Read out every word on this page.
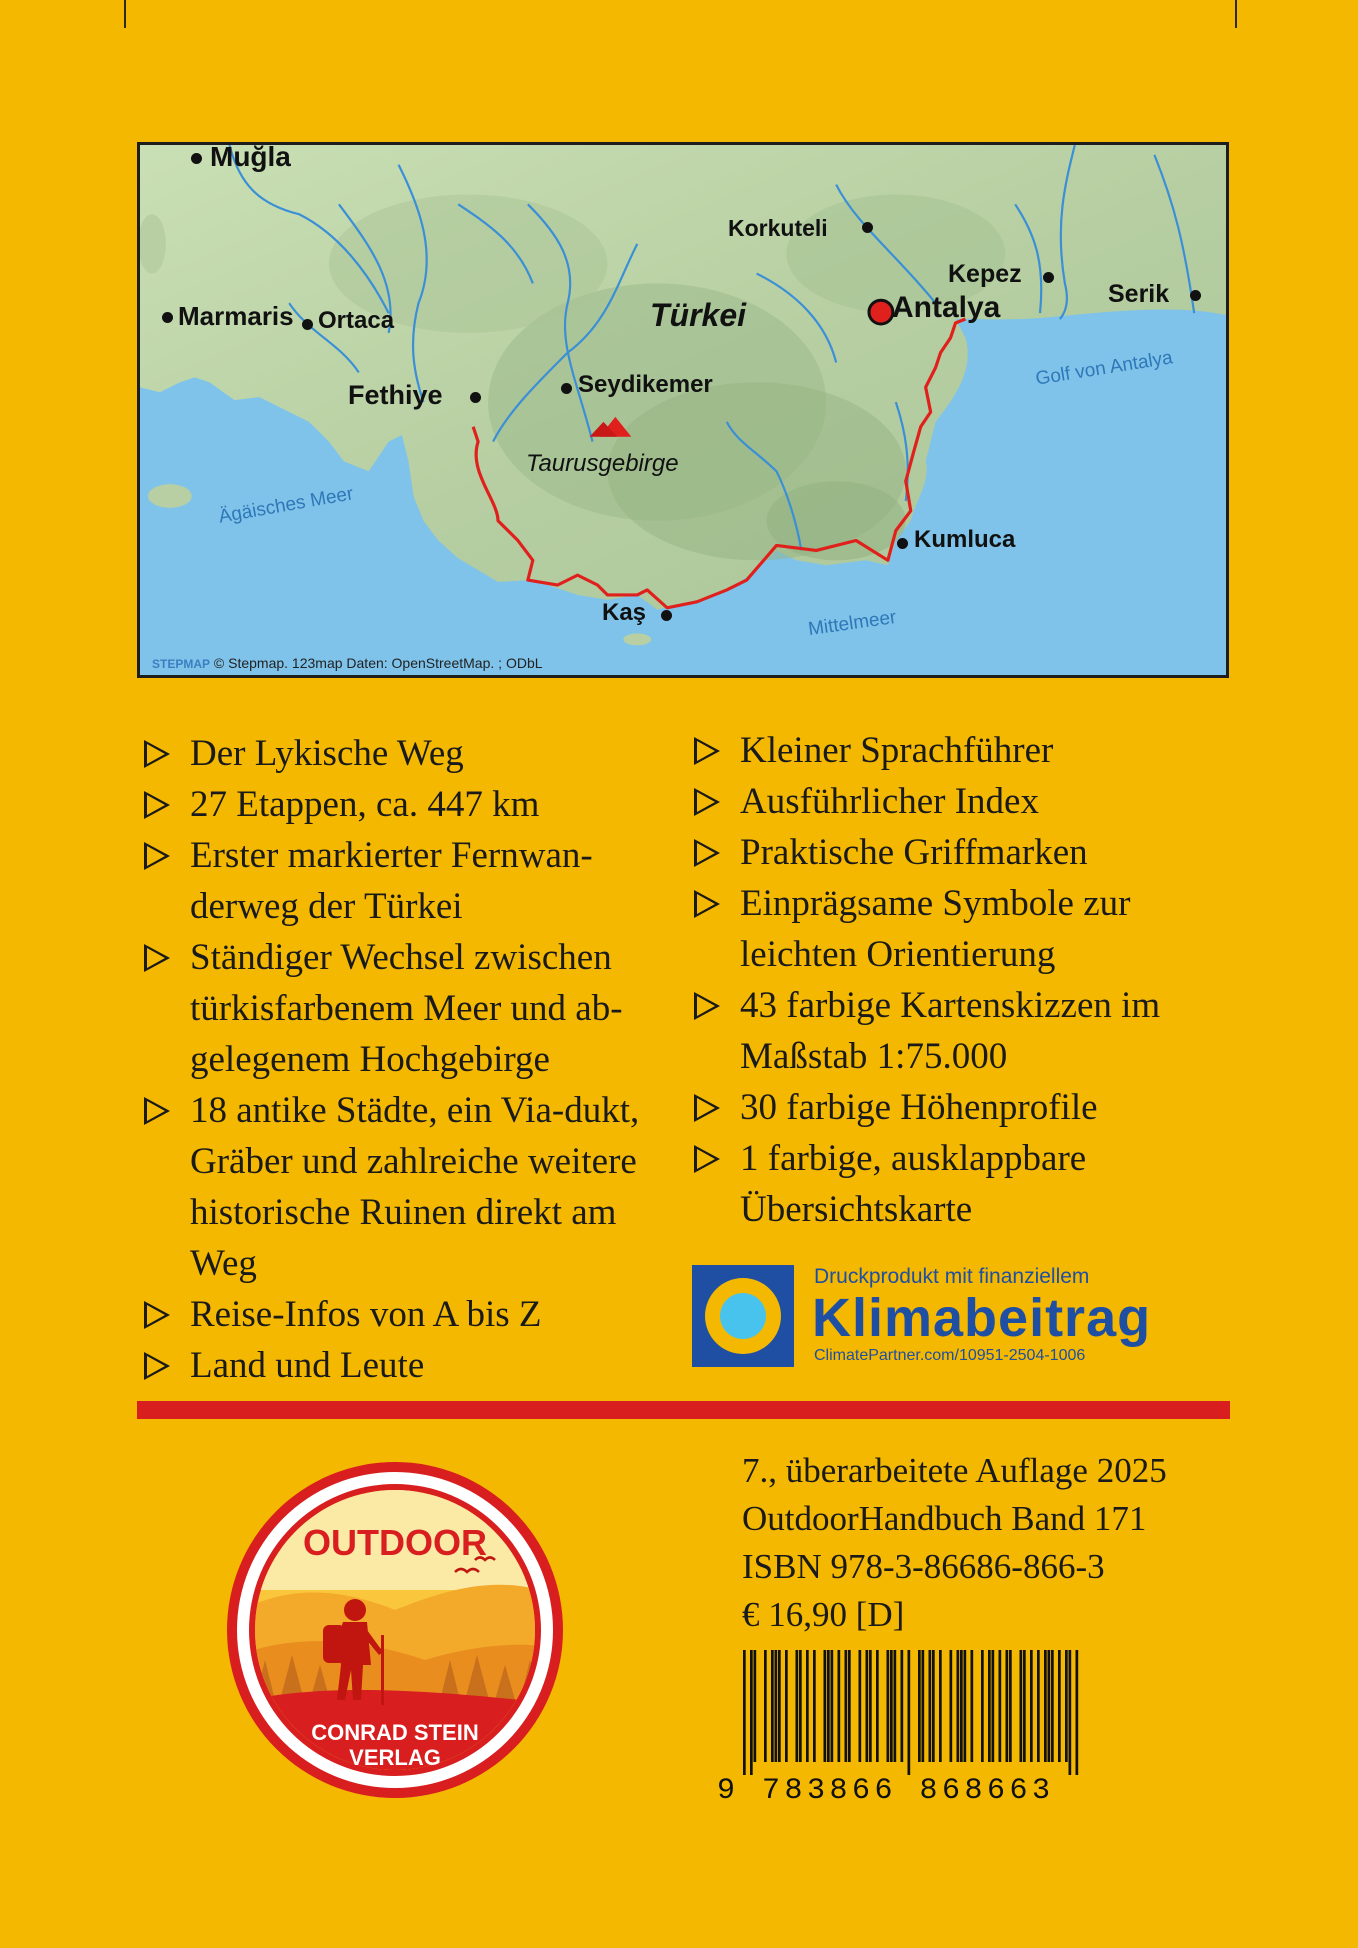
Muğla
Marmaris Ortaca
Fethiye	Seydikemer
Korkuteli
Türkei
Kepez
Antalya	Serik
Taurusgebirge
Kumluca
Kaş
Ägäisches Meer
Mittelmeer
Golf von Antalya
STEPMAP © Stepmap. 123map Daten: OpenStreetMap. ; ODbL
Der Lykische Weg
27 Etappen, ca. 447 km
Erster markierter Fernwan-derweg der Türkei
Ständiger Wechsel zwischen türkisfarbenem Meer und ab-gelegenem Hochgebirge
18 antike Städte, ein Via-dukt, Gräber und zahlreiche weitere historische Ruinen direkt am Weg
Reise-Infos von A bis Z
Land und Leute
Kleiner Sprachführer
Ausführlicher Index
Praktische Griffmarken
Einprägsame Symbole zur leichten Orientierung
43 farbige Kartenskizzen im Maßstab 1:75.000
30 farbige Höhenprofile
1 farbige, ausklappbare Übersichtskarte
Druckprodukt mit finanziellem
Klimabeitrag
ClimatePartner.com/10951-2504-1006
OUTDOOR
CONRAD STEIN
VERLAG
7., überarbeitete Auflage 2025
OutdoorHandbuch Band 171
ISBN 978-3-86686-866-3
€ 16,90 [D]
9 783866 868663
